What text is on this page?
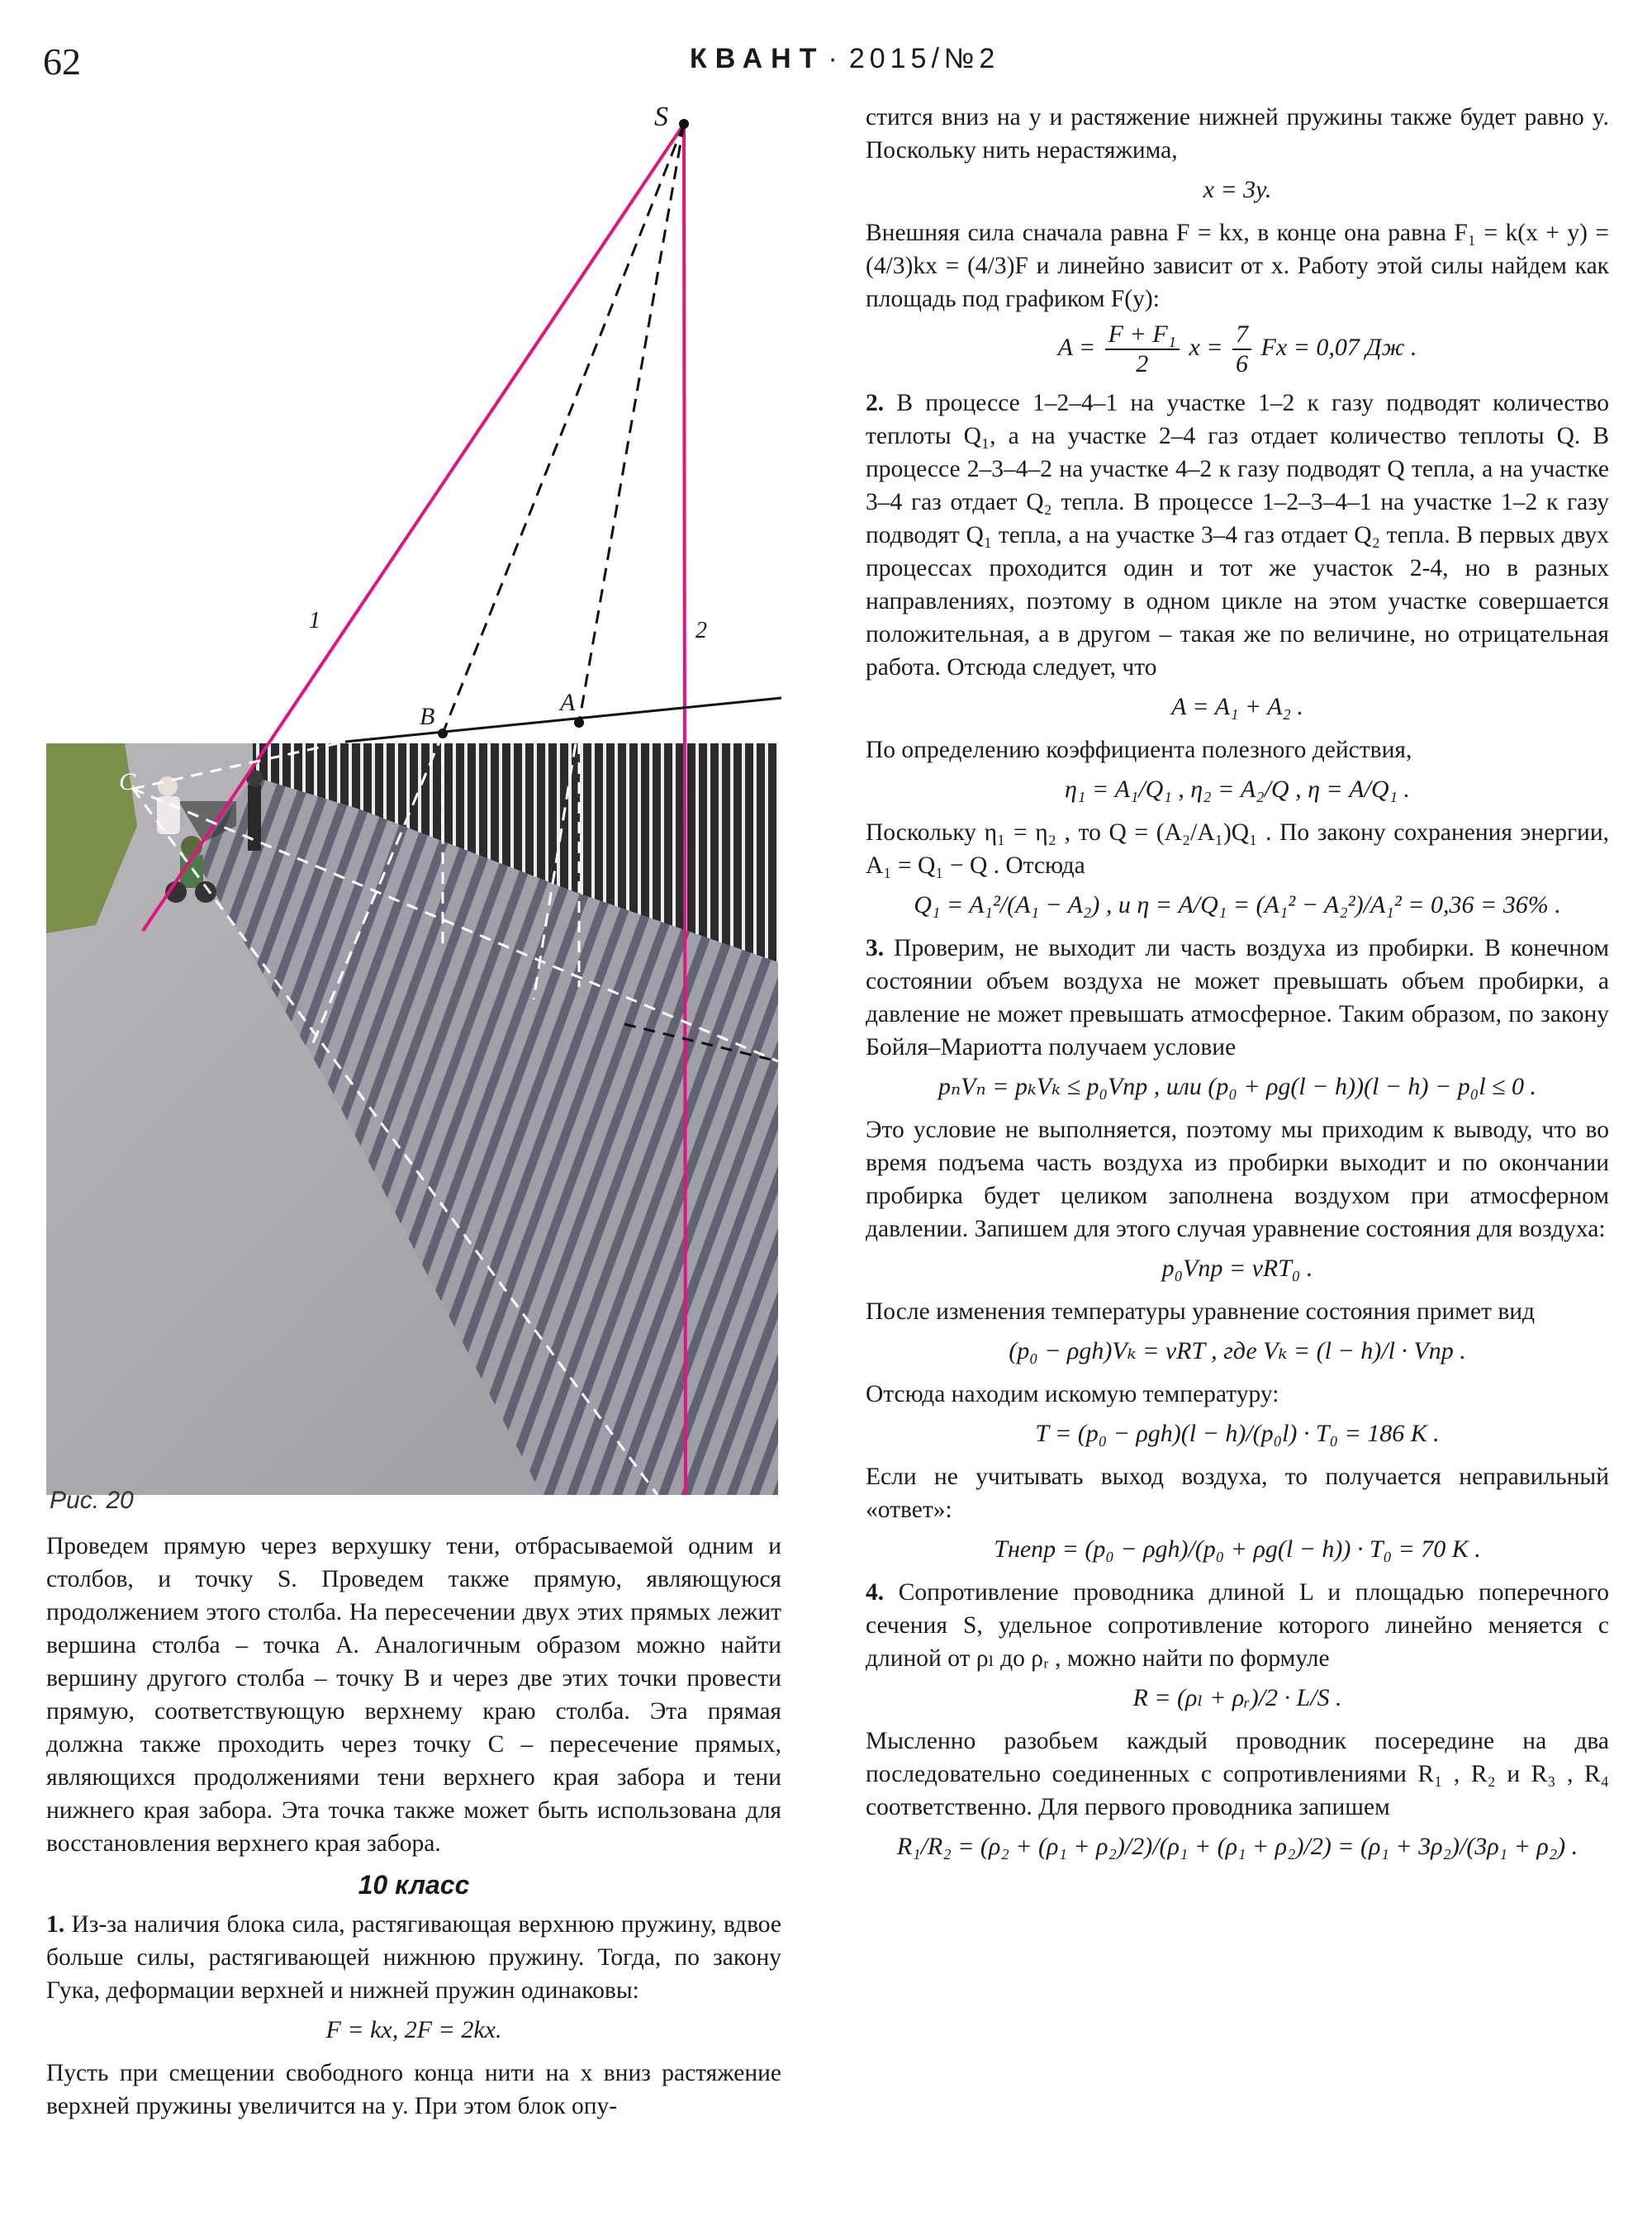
62	КВАНТ · 2015/№2
S
A
B
C
1	2
Рис. 20

Проведем прямую через верхушку тени, отбрасываемой одним и столбов, и точку S. Проведем также прямую, являющуюся продолжением этого столба. На пересечении двух этих прямых лежит вершина столба – точка A. Аналогичным образом можно найти вершину другого столба – точку B и через две этих точки провести прямую, соответствующую верхнему краю столба. Эта прямая должна также проходить через точку C – пересечение прямых, являющихся продолжениями тени верхнего края забора и тени нижнего края забора. Эта точка также может быть использована для восстановления верхнего края забора.

10 класс

1. Из-за наличия блока сила, растягивающая верхнюю пружину, вдвое больше силы, растягивающей нижнюю пружину. Тогда, по закону Гука, деформации верхней и нижней пружин одинаковы:

F = kx, 2F = 2kx.

Пусть при смещении свободного конца нити на x вниз растяжение верхней пружины увеличится на y. При этом блок опу-

стится вниз на y и растяжение нижней пружины также будет равно y. Поскольку нить нерастяжима,

x = 3y.

Внешняя сила сначала равна F = kx, в конце она равна F₁ = k(x + y) = (4/3)kx = (4/3)F и линейно зависит от x. Работу этой силы найдем как площадь под графиком F(y):

$A = \frac{\text{F + F₁}}{2}$ $x = \frac{7}{6}$ Fx = 0,07 Дж .

2. В процессе 1–2–4–1 на участке 1–2 к газу подводят количество теплоты Q₁, а на участке 2–4 газ отдает количество теплоты Q. В процессе 2–3–4–2 на участке 4–2 к газу подводят Q тепла, а на участке 3–4 газ отдает Q₂ тепла. В процессе 1–2–3–4–1 на участке 1–2 к газу подводят Q₁ тепла, а на участке 3–4 газ отдает Q₂ тепла. В первых двух процессах проходится один и тот же участок 2-4, но в разных направлениях, поэтому в одном цикле на этом участке совершается положительная, а в другом – такая же по величине, но отрицательная работа. Отсюда следует, что

A = A₁ + A₂ .

По определению коэффициента полезного действия,

η₁ = A₁/Q₁ , η₂ = A₂/Q , η = A/Q₁ .

Поскольку η₁ = η₂ , то Q = (A₂/A₁)Q₁ . По закону сохранения энергии, A₁ = Q₁ − Q . Отсюда

Q₁ = A₁²/(A₁ − A₂) , и η = A/Q₁ = (A₁² − A₂²)/A₁² = 0,36 = 36% .

3. Проверим, не выходит ли часть воздуха из пробирки. В конечном состоянии объем воздуха не может превышать объем пробирки, а давление не может превышать атмосферное. Таким образом, по закону Бойля–Мариотта получаем условие

pₙVₙ = pₖVₖ ≤ p₀Vпр , или (p₀ + ρg(l − h))(l − h) − p₀l ≤ 0 .

Это условие не выполняется, поэтому мы приходим к выводу, что во время подъема часть воздуха из пробирки выходит и по окончании пробирка будет целиком заполнена воздухом при атмосферном давлении. Запишем для этого случая уравнение состояния для воздуха:

p₀Vпр = νRT₀ .

После изменения температуры уравнение состояния примет вид

(p₀ − ρgh)Vₖ = νRT , где Vₖ = (l − h)/l · Vпр .

Отсюда находим искомую температуру:

T = (p₀ − ρgh)(l − h)/(p₀l) · T₀ = 186 К .

Если не учитывать выход воздуха, то получается неправильный «ответ»:

Tнепр = (p₀ − ρgh)/(p₀ + ρg(l − h)) · T₀ = 70 К .

4. Сопротивление проводника длиной L и площадью поперечного сечения S, удельное сопротивление которого линейно меняется с длиной от ρₗ до ρᵣ , можно найти по формуле

R = (ρₗ + ρᵣ)/2 · L/S .

Мысленно разобьем каждый проводник посередине на два последовательно соединенных с сопротивлениями R₁ , R₂ и R₃ , R₄ соответственно. Для первого проводника запишем

R₁/R₂ = (ρ₂ + (ρ₁ + ρ₂)/2)/(ρ₁ + (ρ₁ + ρ₂)/2) = (ρ₁ + 3ρ₂)/(3ρ₁ + ρ₂) .
